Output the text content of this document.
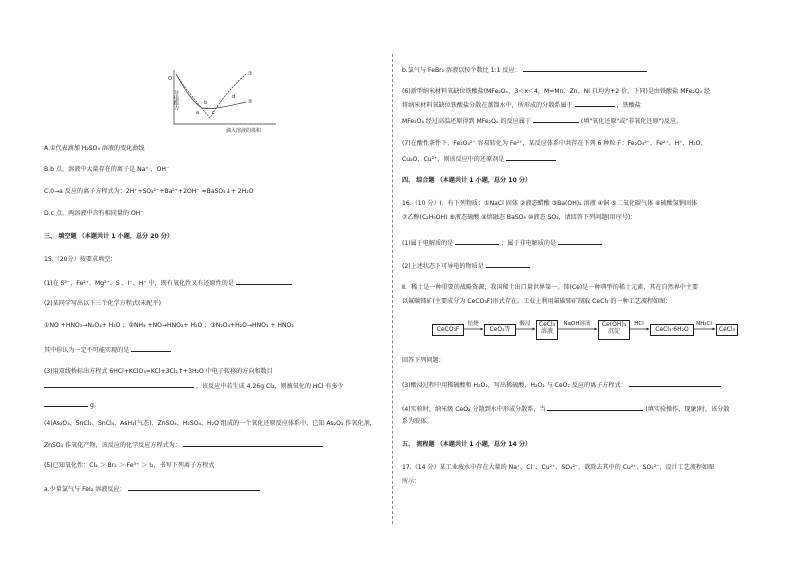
A.①代表滴加 H₂SO₄ 溶液的变化曲线
B.b 点，溶液中大量存在的离子是 Na⁺ 、OH⁻
C.0→a 反应的离子方程式为：2H⁺+SO₄²⁻+Ba²⁺+2OH⁻ =BaSO₄↓+ 2H₂O
D.c 点，两溶液中含有相同量的 OH⁻
三、 填空题 （本题共计 1 小题，总分 20 分）
15.（20分）按要求填空：
(1)在 S²⁻、Fe²⁺、Mg²⁺、S 、I⁻、H⁺ 中，既有氧化性又有还原性的是
(2)某同学写出以下三个化学方程式(未配平)
①NO +HNO₃→N₂O₃+ H₂O ；②NH₃ +NO→HNO₂+ H₂O ；③N₂O₄+H₂O→HNO₃ + HNO₂
其中你认为一定不可能实现的是
(3)用双线桥标出方程式 6HCl+KClO₃=KCl+3Cl₂↑+3H₂O 中电子转移的方向和数目
，该反应中若生成 4.26g Cl₂，则被氧化的 HCl 有多少
g。
(4)As₂O₃、SnCl₂、SnCl₄、AsH₃(气态)、ZnSO₄、H₂SO₄、H₂O 组成的一个氧化还原反应体系中，已知 As₂O₃ 作氧化剂，
ZnSO₄ 作氧化产物，该反应的化学反应方程式为：
(5)已知氧化性：Cl₂ ＞ Br₂ ＞ Fe³⁺ ＞ I₂，书写下列离子方程式
a.少量氯气与 FeI₂ 溶液反应：
O
导电能力
滴入溶液的体积
①
②
a
b
c
d
b.氯气与 FeBr₂ 溶液以按个数比 1:1 反应：
(6)新型纳米材料氧缺位铁酸盐(MFe₂Oₓ，3＜x＜4，M=Mn、Zn、Ni 且均为+2 价，下同)是由铁酸盐 MFe₂O₄ 经
将纳米材料氧缺位铁酸盐分散在蒸馏水中，所形成的分散系属于	，铁酸盐
MFe₂O₄ 经过高温还原得到 MFe₂Oₓ 的反应属于	(填"氧化还原"或"非氧化还原")反应。
(7)在酸性条件下，Fe₂O₄²⁻ 容易转化为 Fe²⁺，某反应体系中共存在下列 6 种粒子：Fe₂O₄²⁻、Fe²⁺、H⁺、H₂O、
Cu₂O、Cu²⁺，则该反应中的还原剂是
四、 综合题 （本题共计 1 小题，总分 10 分）
16.（10 分）Ⅰ．有下列物质：①NaCl 固体 ②液态醋酸 ③Ba(OH)₂ 溶液 ④铜 ⑤二氧化碳气体 ⑥硫酸氢钠固体
⑦乙醇(C₂H₅OH) ⑧液态硫酸 ⑨熔融态 BaSO₄ ⑩液态 SO₃，请回答下列问题(用序号)：
(1)属于电解质的是	；属于非电解质的是
(2)上述状态下可导电的物质是
Ⅱ．稀土是一种重要的战略资源，我国稀土出口量世界第一。铈(Ce)是一种典型的稀土元素，其在自然界中主要
以氟碳铈矿(主要成分为 CeCO₃F)形式存在。工业上利用氟碳铈矿制取 CeCl₃ 的一种工艺流程如图：
回答下列问题：
(3)酸浸过程中用稀硫酸和 H₂O₂，写出稀硫酸、H₂O₂ 与 CeO₂ 反应的离子方程式：
(4)实验时，纳米级 CeO₂ 分散到水中形成分散系，当	(填实验操作、现象)时，该分散
系为胶体。
五、 流程题 （本题共计 1 小题，总分 14 分）
17.（14 分）某工业废水中存在大量的 Na⁺、Cl⁻、Cu²⁺、SO₄²⁻，欲除去其中的 Cu²⁺、SO₄²⁻，设计工艺流程如图
所示：
CeCO₃F	CeO₂等
CeCl₃
溶液
Ce(OH)₃
沉淀	CeCl₃·6H₂O	CeCl₃
焙烧	酸浸	NaOH溶液	HCl	NH₄Cl
